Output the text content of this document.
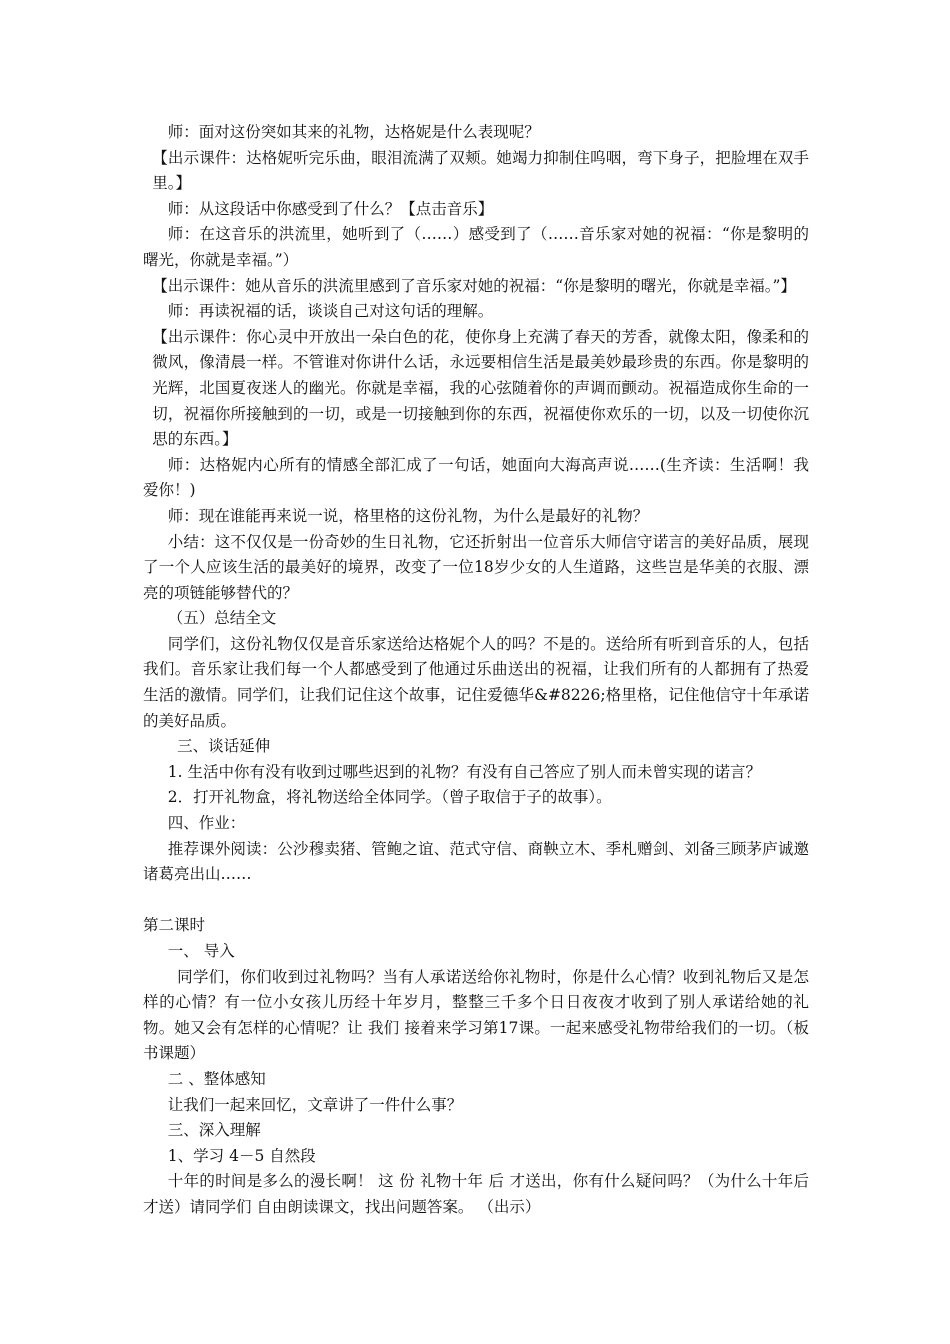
师：面对这份突如其来的礼物，达格妮是什么表现呢？

【出示课件：达格妮听完乐曲，眼泪流满了双颊。她竭力抑制住呜咽，弯下身子，把脸埋在双手里。】

师：从这段话中你感受到了什么？【点击音乐】

师：在这音乐的洪流里，她听到了（……）感受到了（……音乐家对她的祝福：“你是黎明的曙光，你就是幸福。”）

【出示课件：她从音乐的洪流里感到了音乐家对她的祝福：“你是黎明的曙光，你就是幸福。”】

师：再读祝福的话，谈谈自己对这句话的理解。

【出示课件：你心灵中开放出一朵白色的花，使你身上充满了春天的芳香，就像太阳，像柔和的微风，像清晨一样。不管谁对你讲什么话，永远要相信生活是最美妙最珍贵的东西。你是黎明的光辉，北国夏夜迷人的幽光。你就是幸福，我的心弦随着你的声调而颤动。祝福造成你生命的一切，祝福你所接触到的一切，或是一切接触到你的东西，祝福使你欢乐的一切，以及一切使你沉思的东西。】

师：达格妮内心所有的情感全部汇成了一句话，她面向大海高声说……(生齐读：生活啊！我爱你！)

师：现在谁能再来说一说，格里格的这份礼物，为什么是最好的礼物？

小结：这不仅仅是一份奇妙的生日礼物，它还折射出一位音乐大师信守诺言的美好品质，展现了一个人应该生活的最美好的境界，改变了一位18岁少女的人生道路，这些岂是华美的衣服、漂亮的项链能够替代的？

（五）总结全文

同学们，这份礼物仅仅是音乐家送给达格妮个人的吗？不是的。送给所有听到音乐的人，包括我们。音乐家让我们每一个人都感受到了他通过乐曲送出的祝福，让我们所有的人都拥有了热爱生活的激情。同学们，让我们记住这个故事，记住爱德华&#8226;格里格，记住他信守十年承诺的美好品质。

三、谈话延伸

1. 生活中你有没有收到过哪些迟到的礼物？有没有自己答应了别人而未曾实现的诺言？

2．打开礼物盒，将礼物送给全体同学。（曾子取信于子的故事）。

四、作业：

推荐课外阅读：公沙穆卖猪、管鲍之谊、范式守信、商鞅立木、季札赠剑、刘备三顾茅庐诚邀诸葛亮出山……

第二课时

一、 导入

同学们，你们收到过礼物吗？当有人承诺送给你礼物时，你是什么心情？收到礼物后又是怎样的心情？有一位小女孩儿历经十年岁月，整整三千多个日日夜夜才收到了别人承诺给她的礼物。她又会有怎样的心情呢？让 我们 接着来学习第17课。一起来感受礼物带给我们的一切。（板书课题）

二 、整体感知

让我们一起来回忆，文章讲了一件什么事？

三、深入理解

1、学习 4－5 自然段

十年的时间是多么的漫长啊！ 这 份 礼物十年 后 才送出，你有什么疑问吗？（为什么十年后才送）请同学们 自由朗读课文，找出问题答案。 （出示）
